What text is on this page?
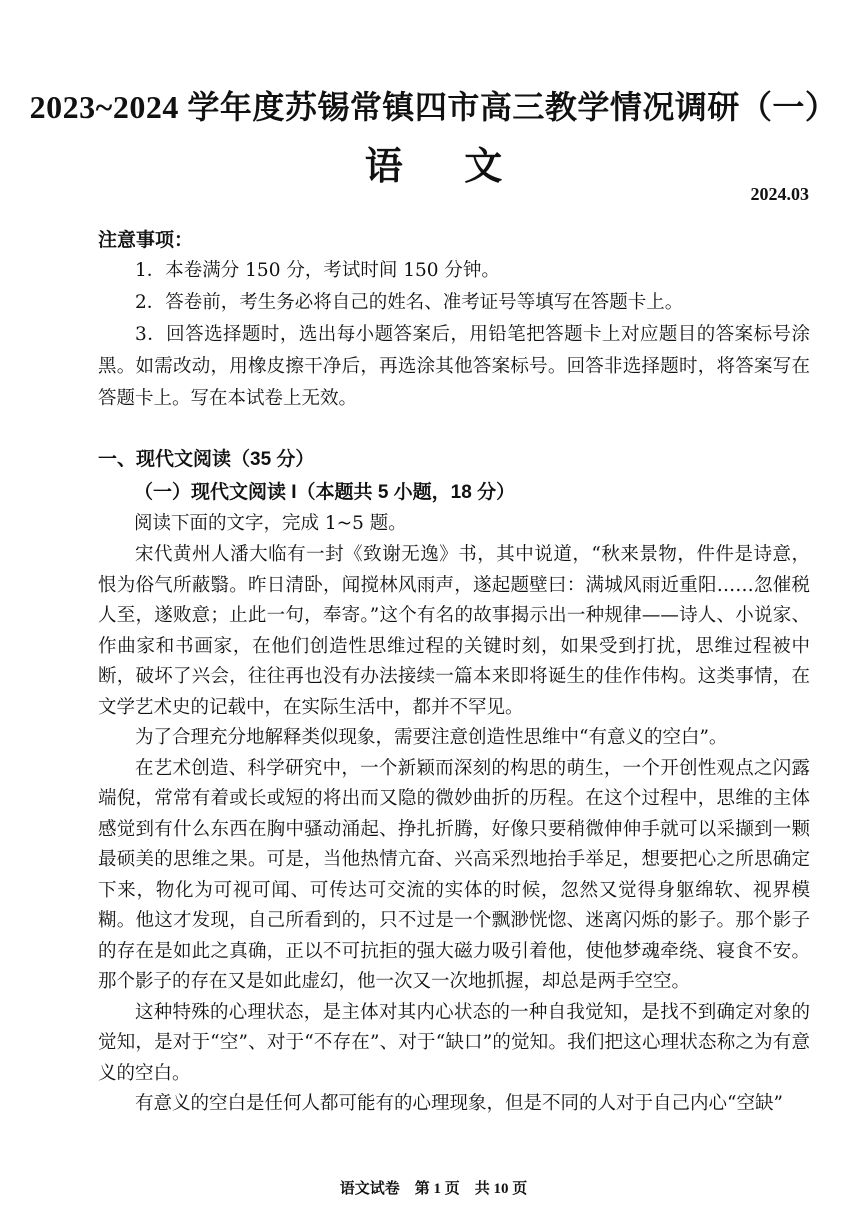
2023~2024 学年度苏锡常镇四市高三教学情况调研（一）
语 文
2024.03
注意事项：

1．本卷满分 150 分，考试时间 150 分钟。

2．答卷前，考生务必将自己的姓名、准考证号等填写在答题卡上。

3．回答选择题时，选出每小题答案后，用铅笔把答题卡上对应题目的答案标号涂黑。如需改动，用橡皮擦干净后，再选涂其他答案标号。回答非选择题时，将答案写在答题卡上。写在本试卷上无效。

一、现代文阅读（35 分）
（一）现代文阅读 I（本题共 5 小题，18 分）
阅读下面的文字，完成 1~5 题。

宋代黄州人潘大临有一封《致谢无逸》书，其中说道，“秋来景物，件件是诗意，恨为俗气所蔽翳。昨日清卧，闻搅林风雨声，遂起题壁曰：满城风雨近重阳……忽催税人至，遂败意；止此一句，奉寄。”这个有名的故事揭示出一种规律——诗人、小说家、作曲家和书画家，在他们创造性思维过程的关键时刻，如果受到打扰，思维过程被中断，破坏了兴会，往往再也没有办法接续一篇本来即将诞生的佳作伟构。这类事情，在文学艺术史的记载中，在实际生活中，都并不罕见。

为了合理充分地解释类似现象，需要注意创造性思维中“有意义的空白”。

在艺术创造、科学研究中，一个新颖而深刻的构思的萌生，一个开创性观点之闪露端倪，常常有着或长或短的将出而又隐的微妙曲折的历程。在这个过程中，思维的主体感觉到有什么东西在胸中骚动涌起、挣扎折腾，好像只要稍微伸伸手就可以采撷到一颗最硕美的思维之果。可是，当他热情亢奋、兴高采烈地抬手举足，想要把心之所思确定下来，物化为可视可闻、可传达可交流的实体的时候，忽然又觉得身躯绵软、视界模糊。他这才发现，自己所看到的，只不过是一个飘渺恍惚、迷离闪烁的影子。那个影子的存在是如此之真确，正以不可抗拒的强大磁力吸引着他，使他梦魂牵绕、寝食不安。那个影子的存在又是如此虚幻，他一次又一次地抓握，却总是两手空空。

这种特殊的心理状态，是主体对其内心状态的一种自我觉知，是找不到确定对象的觉知，是对于“空”、对于“不存在”、对于“缺口”的觉知。我们把这心理状态称之为有意义的空白。

有意义的空白是任何人都可能有的心理现象，但是不同的人对于自己内心“空缺”

语文试卷　第 1 页　共 10 页
